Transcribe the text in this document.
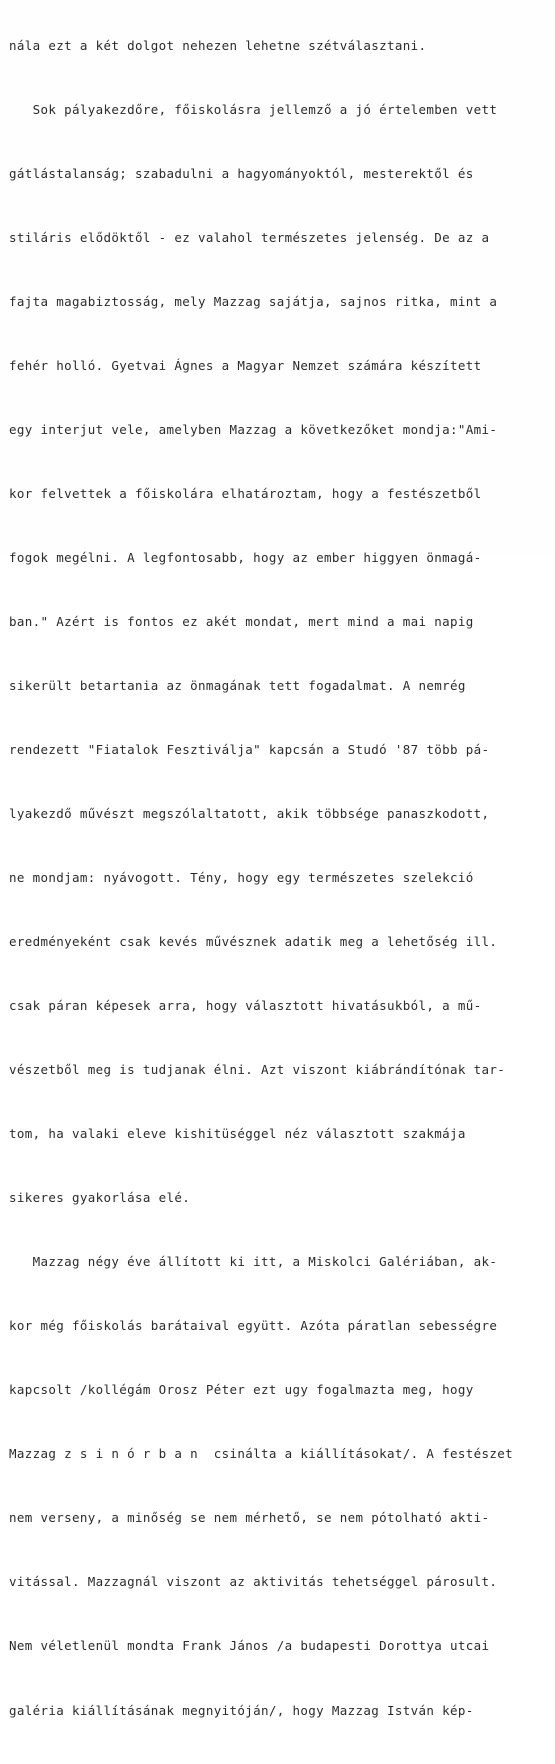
nála ezt a két dolgot nehezen lehetne szétválasztani.

Sok pályakezdőre, főiskolásra jellemző a jó értelemben vett

gátlástalanság; szabadulni a hagyományoktól, mesterektől és

stiláris elődöktől - ez valahol természetes jelenség. De az a

fajta magabiztosság, mely Mazzag sajátja, sajnos ritka, mint a

fehér holló. Gyetvai Ágnes a Magyar Nemzet számára készített

egy interjut vele, amelyben Mazzag a következőket mondja:"Ami-

kor felvettek a főiskolára elhatároztam, hogy a festészetből

fogok megélni. A legfontosabb, hogy az ember higgyen önmagá-

ban." Azért is fontos ez akét mondat, mert mind a mai napig

sikerült betartania az önmagának tett fogadalmat. A nemrég

rendezett "Fiatalok Fesztiválja" kapcsán a Studó '87 több pá-

lyakezdő művészt megszólaltatott, akik többsége panaszkodott,

ne mondjam: nyávogott. Tény, hogy egy természetes szelekció

eredményeként csak kevés művésznek adatik meg a lehetőség ill.

csak páran képesek arra, hogy választott hivatásukból, a mű-

vészetből meg is tudjanak élni. Azt viszont kiábrándítónak tar-

tom, ha valaki eleve kishitüséggel néz választott szakmája

sikeres gyakorlása elé.

Mazzag négy éve állított ki itt, a Miskolci Galériában, ak-

kor még főiskolás barátaival együtt. Azóta páratlan sebességre

kapcsolt /kollégám Orosz Péter ezt ugy fogalmazta meg, hogy

Mazzag z s i n ó r b a n  csinálta a kiállításokat/. A festészet

nem verseny, a minőség se nem mérhető, se nem pótolható akti-

vitással. Mazzagnál viszont az aktivitás tehetséggel párosult.

Nem véletlenül mondta Frank János /a budapesti Dorottya utcai

galéria kiállításának megnyitóján/, hogy Mazzag István kép-
